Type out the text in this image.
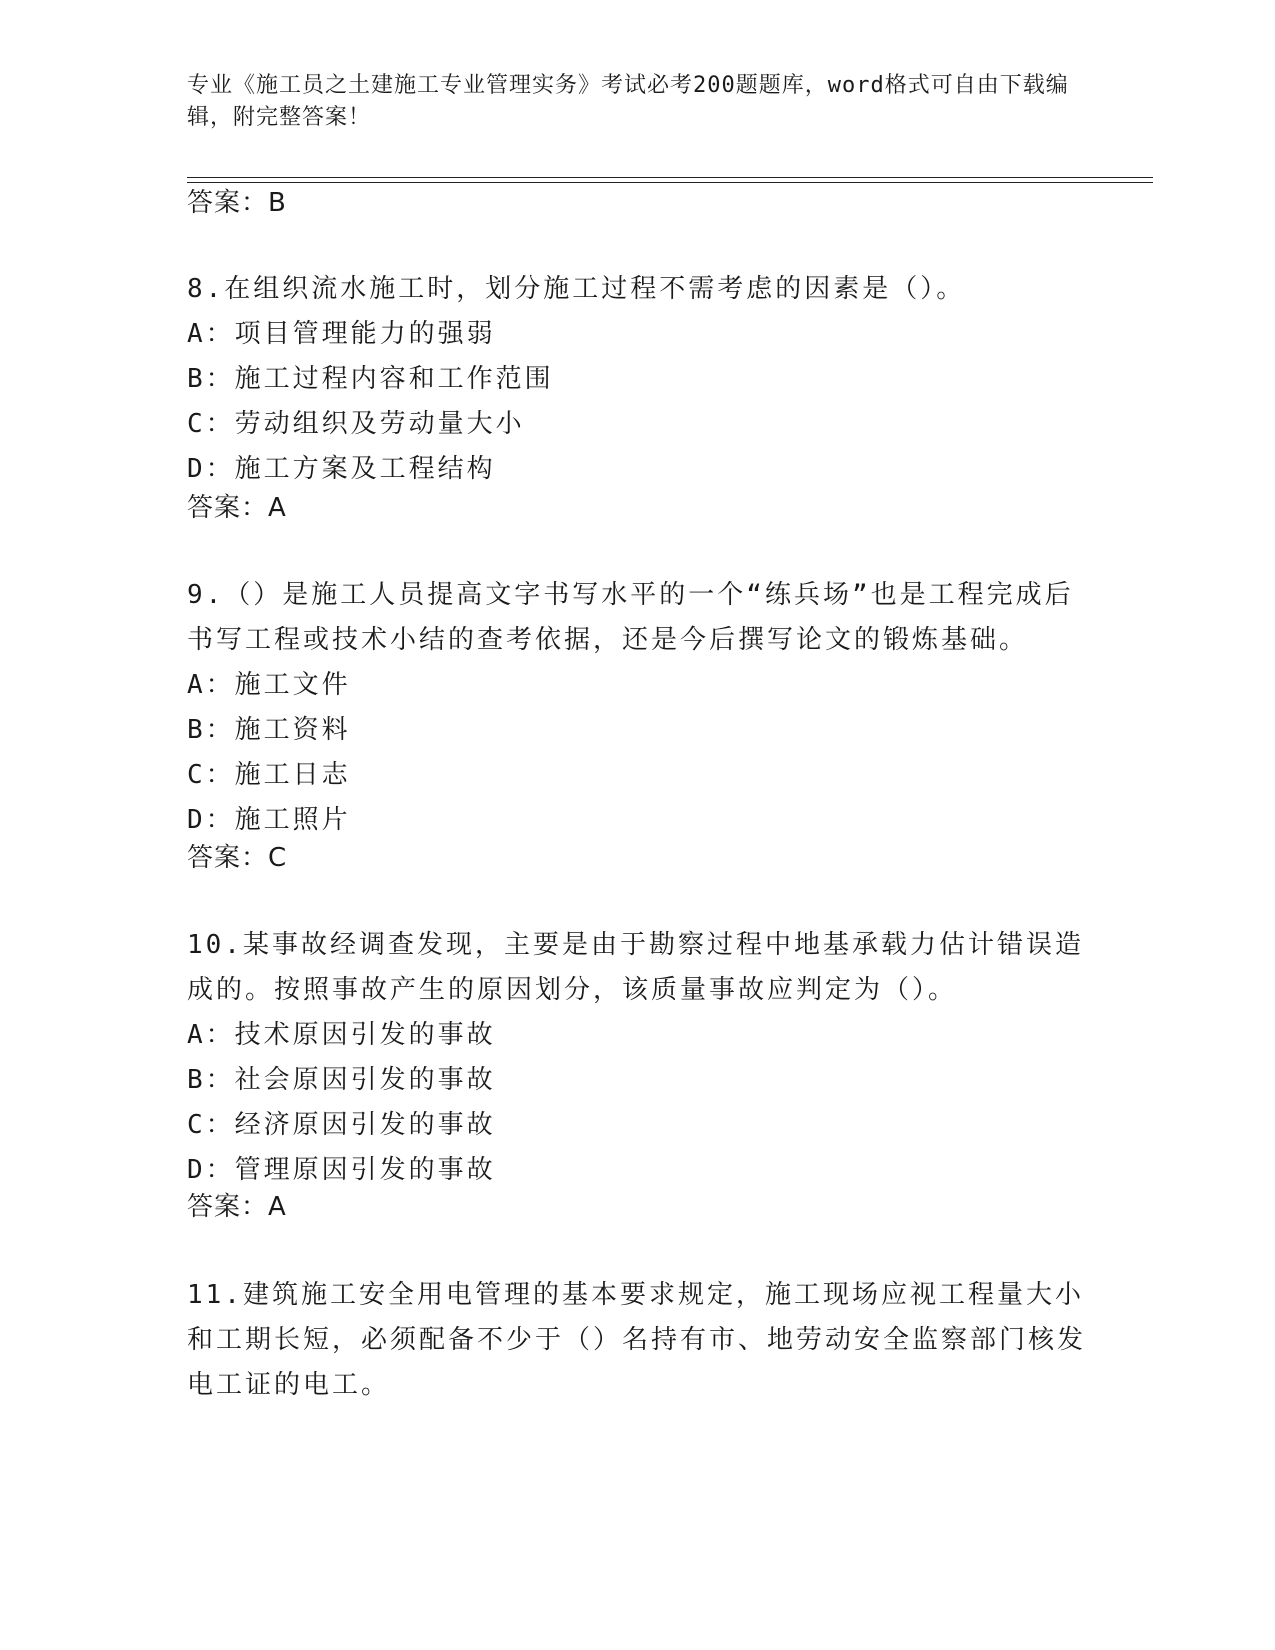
专业《施工员之土建施工专业管理实务》考试必考200题题库，word格式可自由下载编辑，附完整答案！
答案：B
8.在组织流水施工时，划分施工过程不需考虑的因素是（）。
A：项目管理能力的强弱
B：施工过程内容和工作范围
C：劳动组织及劳动量大小
D：施工方案及工程结构
答案：A
9.（）是施工人员提高文字书写水平的一个“练兵场”也是工程完成后书写工程或技术小结的查考依据，还是今后撰写论文的锻炼基础。
A：施工文件
B：施工资料
C：施工日志
D：施工照片
答案：C
10.某事故经调查发现，主要是由于勘察过程中地基承载力估计错误造成的。按照事故产生的原因划分，该质量事故应判定为（）。
A：技术原因引发的事故
B：社会原因引发的事故
C：经济原因引发的事故
D：管理原因引发的事故
答案：A
11.建筑施工安全用电管理的基本要求规定，施工现场应视工程量大小和工期长短，必须配备不少于（）名持有市、地劳动安全监察部门核发电工证的电工。
